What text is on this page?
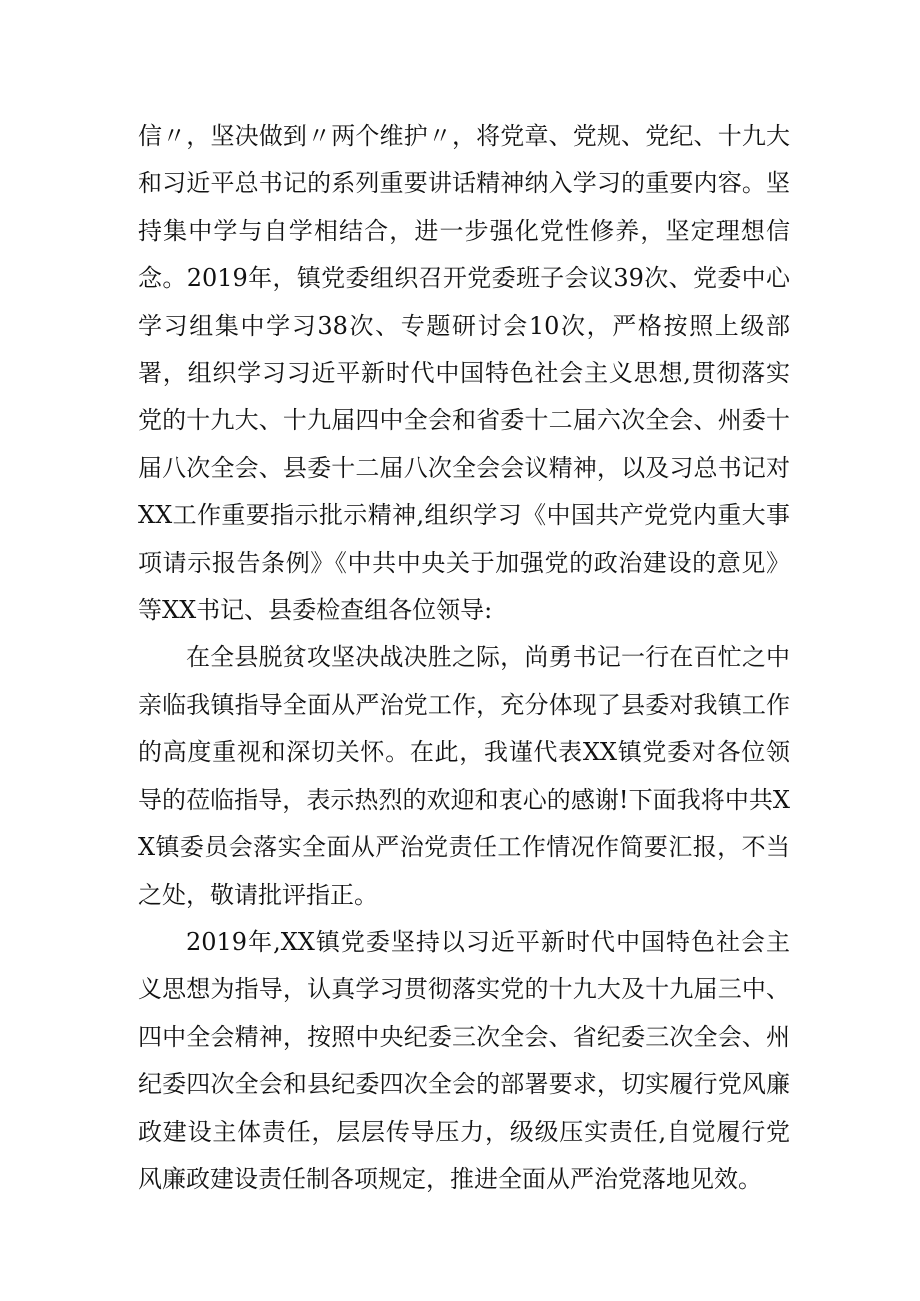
信〃，坚决做到〃两个维护〃，将党章、党规、党纪、十九大和习近平总书记的系列重要讲话精神纳入学习的重要内容。坚持集中学与自学相结合，进一步强化党性修养，坚定理想信念。2019年，镇党委组织召开党委班子会议39次、党委中心学习组集中学习38次、专题研讨会10次，严格按照上级部署，组织学习习近平新时代中国特色社会主义思想,贯彻落实党的十九大、十九届四中全会和省委十二届六次全会、州委十届八次全会、县委十二届八次全会会议精神，以及习总书记对XX工作重要指示批示精神,组织学习《中国共产党党内重大事项请示报告条例》《中共中央关于加强党的政治建设的意见》等XX书记、县委检查组各位领导:

在全县脱贫攻坚决战决胜之际，尚勇书记一行在百忙之中亲临我镇指导全面从严治党工作，充分体现了县委对我镇工作的高度重视和深切关怀。在此，我谨代表XX镇党委对各位领导的莅临指导，表示热烈的欢迎和衷心的感谢!下面我将中共XX镇委员会落实全面从严治党责任工作情况作简要汇报，不当之处，敬请批评指正。

2019年,XX镇党委坚持以习近平新时代中国特色社会主义思想为指导，认真学习贯彻落实党的十九大及十九届三中、四中全会精神，按照中央纪委三次全会、省纪委三次全会、州纪委四次全会和县纪委四次全会的部署要求，切实履行党风廉政建设主体责任，层层传导压力，级级压实责任,自觉履行党风廉政建设责任制各项规定，推进全面从严治党落地见效。
